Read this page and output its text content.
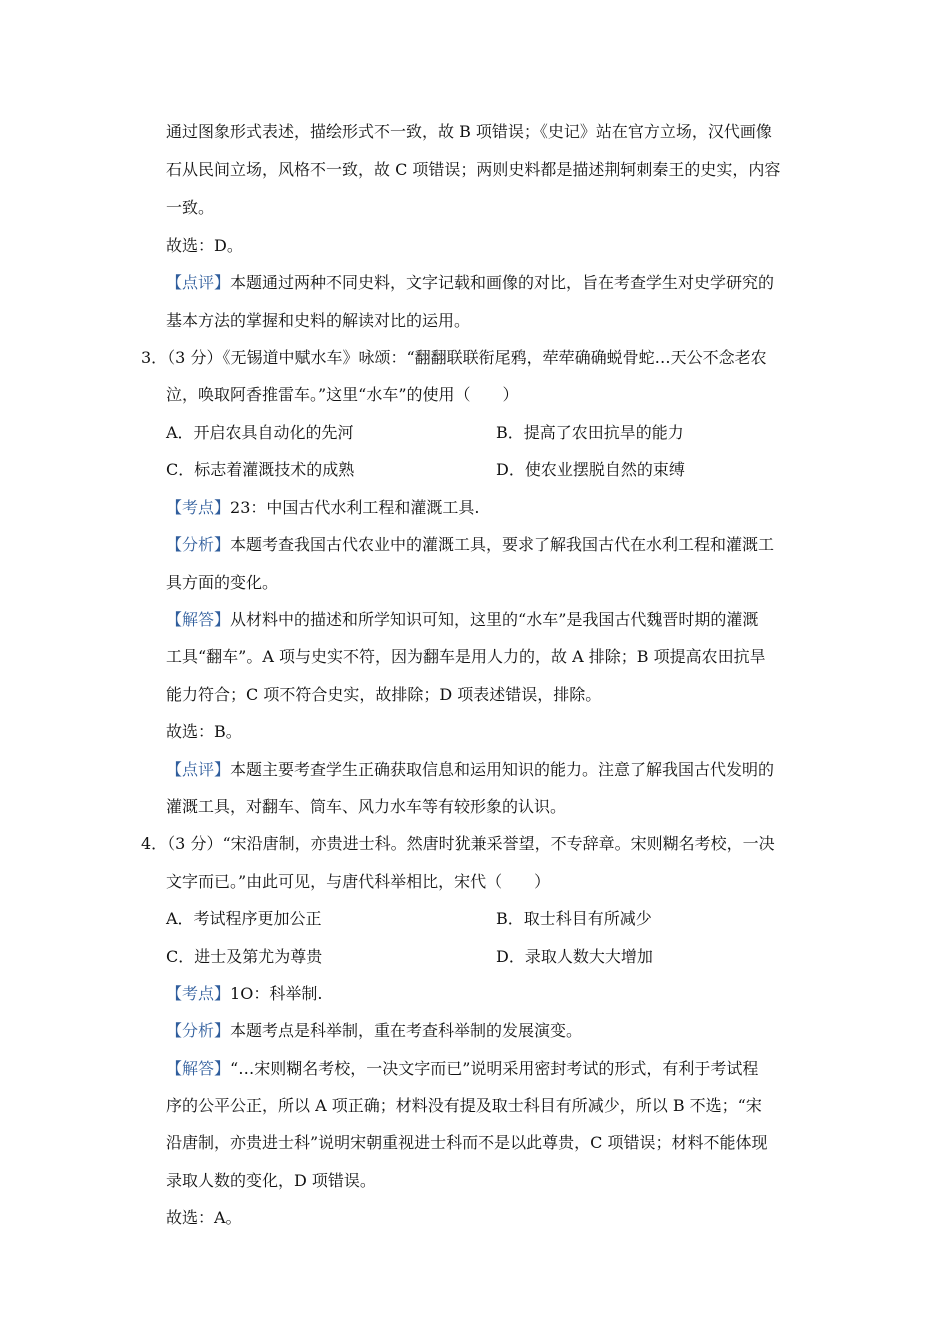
通过图象形式表述，描绘形式不一致，故 B 项错误；《史记》站在官方立场，汉代画像
石从民间立场，风格不一致，故 C 项错误；两则史料都是描述荆轲刺秦王的史实，内容
一致。
故选：D。
【点评】本题通过两种不同史料，文字记载和画像的对比，旨在考查学生对史学研究的
基本方法的掌握和史料的解读对比的运用。
3．（3 分）《无锡道中赋水车》咏颂：“翻翻联联衔尾鸦，荦荦确确蜕骨蛇…天公不念老农
泣，唤取阿香推雷车。”这里“水车”的使用（　　）
A．开启农具自动化的先河	B．提高了农田抗旱的能力
C．标志着灌溉技术的成熟	D．使农业摆脱自然的束缚
【考点】23：中国古代水利工程和灌溉工具.
【分析】本题考查我国古代农业中的灌溉工具，要求了解我国古代在水利工程和灌溉工
具方面的变化。
【解答】从材料中的描述和所学知识可知，这里的“水车”是我国古代魏晋时期的灌溉
工具“翻车”。A 项与史实不符，因为翻车是用人力的，故 A 排除；B 项提高农田抗旱
能力符合；C 项不符合史实，故排除；D 项表述错误，排除。
故选：B。
【点评】本题主要考查学生正确获取信息和运用知识的能力。注意了解我国古代发明的
灌溉工具，对翻车、筒车、风力水车等有较形象的认识。
4．（3 分）“宋沿唐制，亦贵进士科。然唐时犹兼采誉望，不专辞章。宋则糊名考校，一决
文字而已。”由此可见，与唐代科举相比，宋代（　　）
A．考试程序更加公正	B．取士科目有所减少
C．进士及第尤为尊贵	D．录取人数大大增加
【考点】1O：科举制.
【分析】本题考点是科举制，重在考查科举制的发展演变。
【解答】“…宋则糊名考校，一决文字而已”说明采用密封考试的形式，有利于考试程
序的公平公正，所以 A 项正确；材料没有提及取士科目有所减少，所以 B 不选；“宋
沿唐制，亦贵进士科”说明宋朝重视进士科而不是以此尊贵，C 项错误；材料不能体现
录取人数的变化，D 项错误。
故选：A。
